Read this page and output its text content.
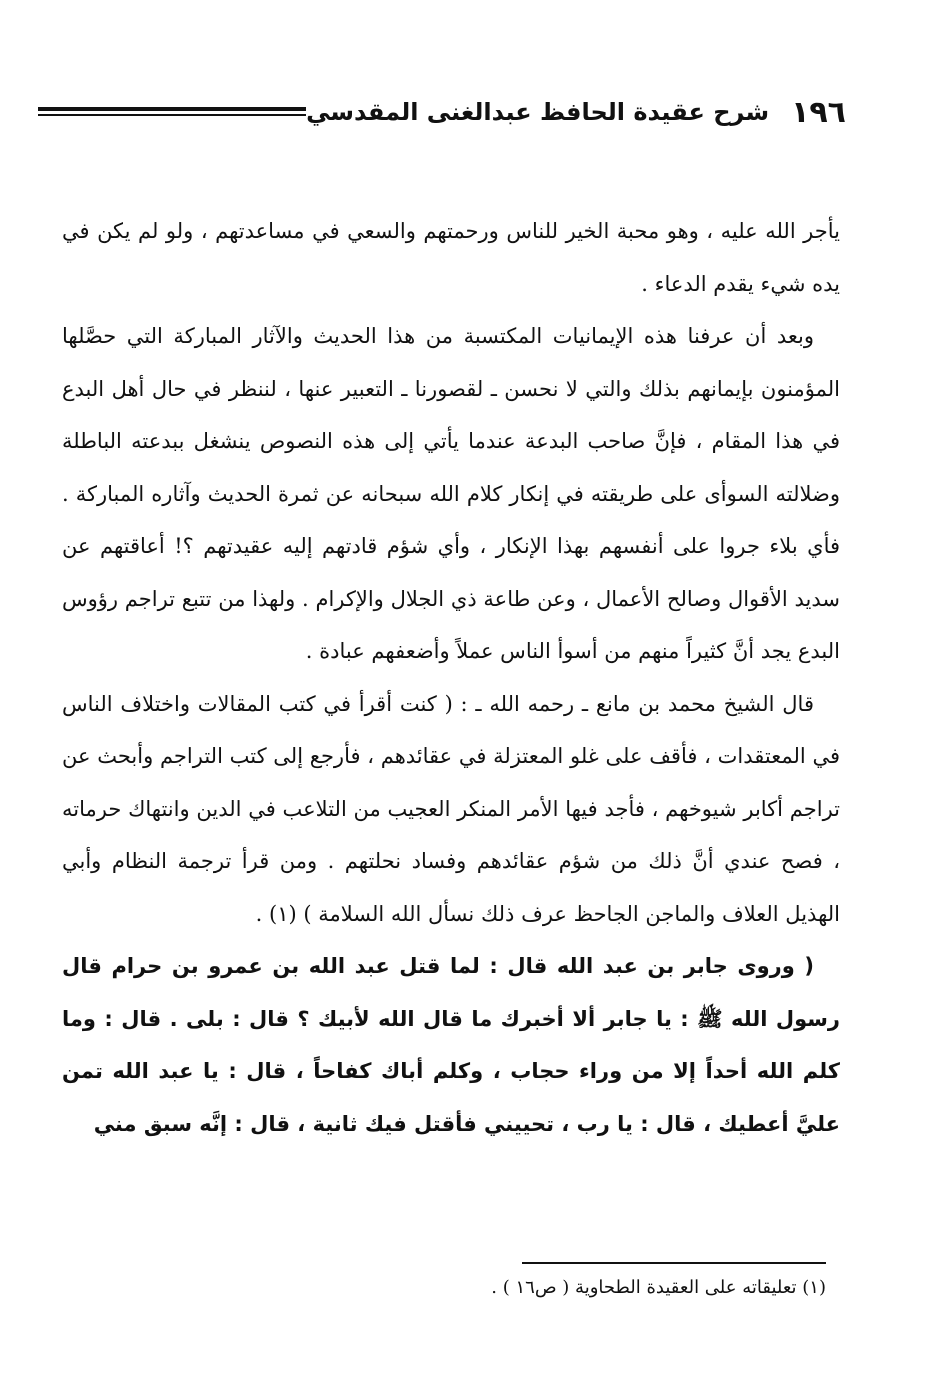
١٩٦
شرح عقيدة الحافظ عبدالغنى المقدسي

يأجر الله عليه ، وهو محبة الخير للناس ورحمتهم والسعي في مساعدتهم ، ولو لم يكن في يده شيء يقدم الدعاء .

وبعد أن عرفنا هذه الإيمانيات المكتسبة من هذا الحديث والآثار المباركة التي حصَّلها المؤمنون بإيمانهم بذلك والتي لا نحسن ـ لقصورنا ـ التعبير عنها ، لننظر في حال أهل البدع في هذا المقام ، فإنَّ صاحب البدعة عندما يأتي إلى هذه النصوص ينشغل ببدعته الباطلة وضلالته السوأى على طريقته في إنكار كلام الله سبحانه عن ثمرة الحديث وآثاره المباركة . فأي بلاء جروا على أنفسهم بهذا الإنكار ، وأي شؤم قادتهم إليه عقيدتهم ؟! أعاقتهم عن سديد الأقوال وصالح الأعمال ، وعن طاعة ذي الجلال والإكرام . ولهذا من تتبع تراجم رؤوس البدع يجد أنَّ كثيراً منهم من أسوأ الناس عملاً وأضعفهم عبادة .

قال الشيخ محمد بن مانع ـ رحمه الله ـ : ( كنت أقرأ في كتب المقالات واختلاف الناس في المعتقدات ، فأقف على غلو المعتزلة في عقائدهم ، فأرجع إلى كتب التراجم وأبحث عن تراجم أكابر شيوخهم ، فأجد فيها الأمر المنكر العجيب من التلاعب في الدين وانتهاك حرماته ، فصح عندي أنَّ ذلك من شؤم عقائدهم وفساد نحلتهم . ومن قرأ ترجمة النظام وأبي الهذيل العلاف والماجن الجاحظ عرف ذلك نسأل الله السلامة ) (١) .

( وروى جابر بن عبد الله قال : لما قتل عبد الله بن عمرو بن حرام قال رسول الله ﷺ : يا جابر ألا أخبرك ما قال الله لأبيك ؟ قال : بلى . قال : وما كلم الله أحداً إلا من وراء حجاب ، وكلم أباك كفاحاً ، قال : يا عبد الله تمن عليَّ أعطيك ، قال : يا رب ، تحييني فأقتل فيك ثانية ، قال : إنَّه سبق مني

(١) تعليقاته على العقيدة الطحاوية ( ص١٦ ) .
